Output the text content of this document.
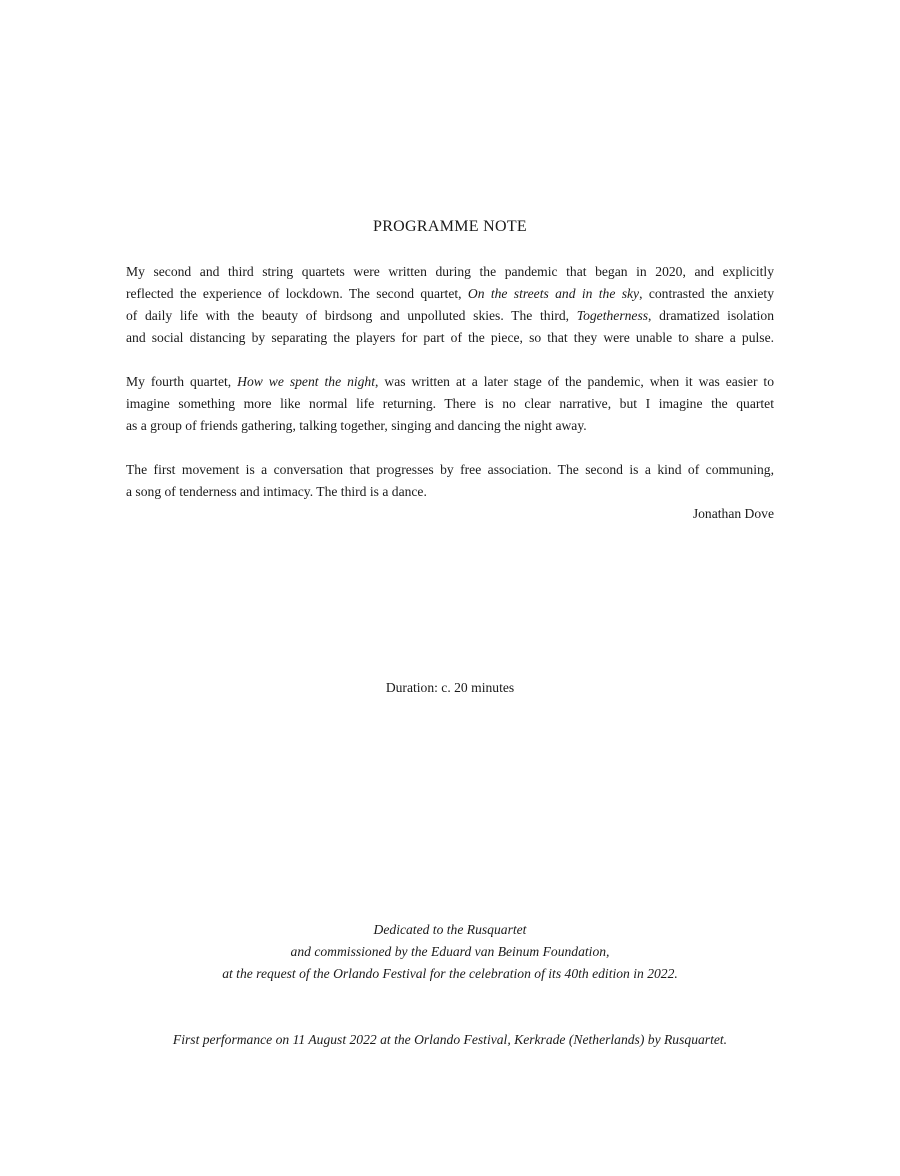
PROGRAMME NOTE
My second and third string quartets were written during the pandemic that began in 2020, and explicitly
reflected the experience of lockdown. The second quartet, On the streets and in the sky, contrasted the anxiety
of daily life with the beauty of birdsong and unpolluted skies. The third, Togetherness, dramatized isolation
and social distancing by separating the players for part of the piece, so that they were unable to share a pulse.
My fourth quartet, How we spent the night, was written at a later stage of the pandemic, when it was easier to
imagine something more like normal life returning. There is no clear narrative, but I imagine the quartet
as a group of friends gathering, talking together, singing and dancing the night away.
The first movement is a conversation that progresses by free association. The second is a kind of communing,
a song of tenderness and intimacy. The third is a dance.
Jonathan Dove
Duration: c. 20 minutes
Dedicated to the Rusquartet
and commissioned by the Eduard van Beinum Foundation,
at the request of the Orlando Festival for the celebration of its 40th edition in 2022.
First performance on 11 August 2022 at the Orlando Festival, Kerkrade (Netherlands) by Rusquartet.
